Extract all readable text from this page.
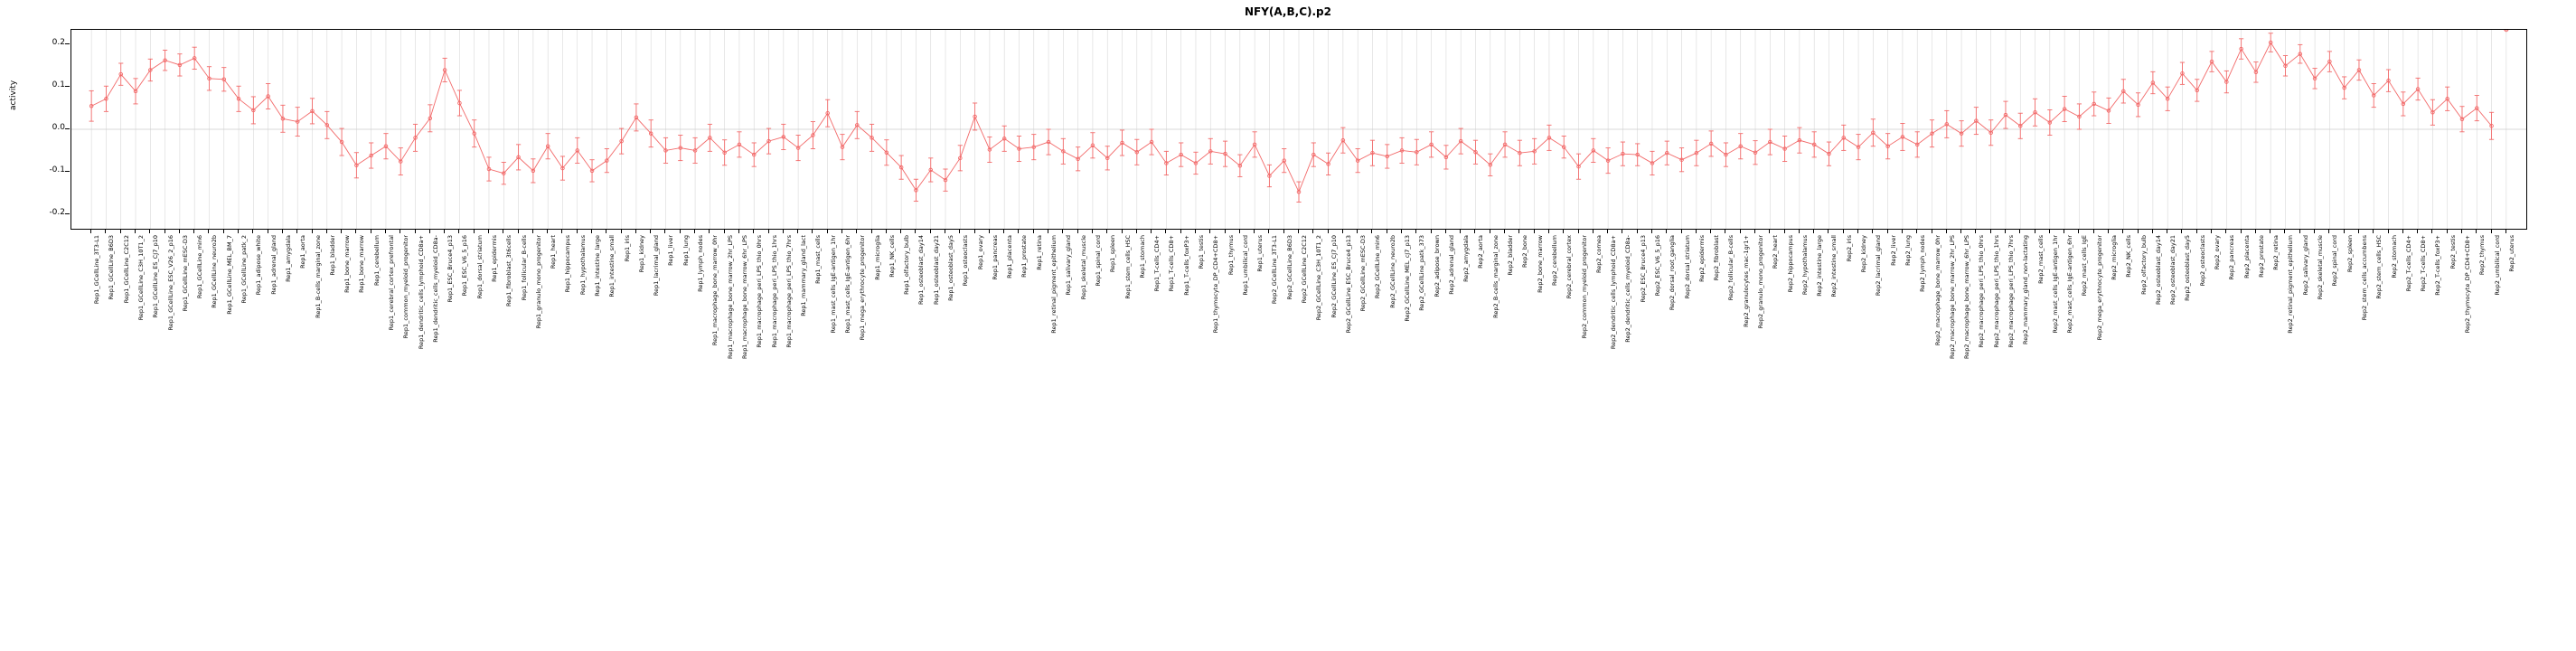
NFY(A,B,C).p2
activity
-0.2
-0.1
0.0
0.1
0.2
Rep1_GCellLine_3T3-L1 Rep1_GCellLine_B6D3 Rep1_GCellLine_C2C12 Rep1_GCellLine_C3H_10T1_2 Rep1_GCellLine_ES_CJ7_p10 Rep1_GCellLine_ESC_V26_2_p16 Rep1_GCellLine_mESC-D3 Rep1_GCellLine_min6 Rep1_GCellLine_neuro2b Rep1_GCellLine_MEL_BM_7 Rep1_GCellLine_patk_2 Rep1_adipose_white Rep1_adrenal_gland Rep1_amygdala Rep1_aorta Rep1_B-cells_marginal_zone Rep1_bladder Rep1_bone_marrow Rep1_bone_marrow Rep1_cerebellum Rep1_cerebral_cortex_prefrontal Rep1_common_myeloid_progenitor Rep1_dendritic_cells_lymphoid_CD8a+ Rep1_dendritic_cells_myeloid_CD8a- Rep1_ESC_Bruce4_p13 Rep1_ESC_V6_5_p16 Rep1_dorsal_striatum Rep1_epidermis Rep1_fibroblast_3t6cells Rep1_follicular_B-cells Rep1_granulo_mono_progenitor Rep1_heart Rep1_hippocampus Rep1_hypothalamus Rep1_intestine_large Rep1_intestine_small Rep1_iris Rep1_kidney Rep1_lacrimal_gland Rep1_liver Rep1_lung Rep1_lymph_nodes Rep1_macrophage_bone_marrow_0hr Rep1_macrophage_bone_marrow_2hr_LPS Rep1_macrophage_bone_marrow_6hr_LPS Rep1_macrophage_peri_LPS_thio_0hrs Rep1_macrophage_peri_LPS_thio_1hrs Rep1_macrophage_peri_LPS_thio_7hrs Rep1_mammary_gland_lact Rep1_mast_cells Rep1_mast_cells_IgE-antigen_1hr Rep1_mast_cells_IgE-antigen_6hr Rep1_mega_erythrocyte_progenitor Rep1_microglia Rep1_NK_cells Rep1_olfactory_bulb Rep1_osteoblast_day14 Rep1_osteoblast_day21 Rep1_osteoblast_day5 Rep1_osteoclasts Rep1_ovary Rep1_pancreas Rep1_placenta Rep1_prostate Rep1_retina Rep1_retinal_pigment_epithelium Rep1_salivary_gland Rep1_skeletal_muscle Rep1_spinal_cord Rep1_spleen Rep1_stem_cells_HSC Rep1_stomach Rep1_T-cells_CD4+ Rep1_T-cells_CD8+ Rep1_T-cells_foxP3+ Rep1_testis Rep1_thymocyte_DP_CD4+CD8+ Rep1_thymus Rep1_umbilical_cord Rep1_uterus Rep2_GCellLine_3T3-L1 Rep2_GCellLine_B6D3 Rep2_GCellLine_C2C12 Rep2_GCellLine_C3H_10T1_2 Rep2_GCellLine_ES_CJ7_p10 Rep2_GCellLine_ESC_Bruce4_p13 Rep2_GCellLine_mESC-D3 Rep2_GCellLine_min6 Rep2_GCellLine_neuro2b Rep2_GCellLine_MEL_cJ7_p13 Rep2_GCellLine_patk_373 Rep2_adipose_brown Rep2_adrenal_gland Rep2_amygdala Rep2_aorta Rep2_B-cells_marginal_zone Rep2_bladder Rep2_bone Rep2_bone_marrow Rep2_cerebellum Rep2_cerebral_cortex Rep2_common_myeloid_progenitor Rep2_cornea Rep2_dendritic_cells_lymphoid_CD8a+ Rep2_dendritic_cells_myeloid_CD8a- Rep2_ESC_Bruce4_p13 Rep2_ESC_V6_5_p16 Rep2_dorsal_root_ganglia Rep2_dorsal_striatum Rep2_epidermis Rep2_fibroblast Rep2_follicular_B-cells Rep2_granulocytes_mac-1gr1+ Rep2_granulo_mono_progenitor Rep2_heart Rep2_hippocampus Rep2_hypothalamus Rep2_intestine_large Rep2_intestine_small Rep2_iris Rep2_kidney Rep2_lacrimal_gland Rep2_liver Rep2_lung Rep2_lymph_nodes Rep2_macrophage_bone_marrow_0hr Rep2_macrophage_bone_marrow_2hr_LPS Rep2_macrophage_bone_marrow_6hr_LPS Rep2_macrophage_peri_LPS_thio_0hrs Rep2_macrophage_peri_LPS_thio_1hrs Rep2_macrophage_peri_LPS_thio_7hrs Rep2_mammary_gland_non-lactating Rep2_mast_cells Rep2_mast_cells_IgE-antigen_1hr Rep2_mast_cells_IgE-antigen_6hr Rep2_mast_cells_IgE Rep2_mega_erythrocyte_progenitor Rep2_microglia Rep2_NK_cells Rep2_olfactory_bulb Rep2_osteoblast_day14 Rep2_osteoblast_day21 Rep2_osteoblast_day5 Rep2_osteoclasts Rep2_ovary Rep2_pancreas Rep2_placenta Rep2_prostate Rep2_retina Rep2_retinal_pigment_epithelium Rep2_salivary_gland Rep2_skeletal_muscle Rep2_spinal_cord Rep2_spleen Rep2_stem_cells_accumbens Rep2_stem_cells_HSC Rep2_stomach Rep2_T-cells_CD4+ Rep2_T-cells_CD8+ Rep2_T-cells_foxP3+ Rep2_testis Rep2_thymocyte_DP_CD4+CD8+ Rep2_thymus Rep2_umbilical_cord Rep2_uterus
